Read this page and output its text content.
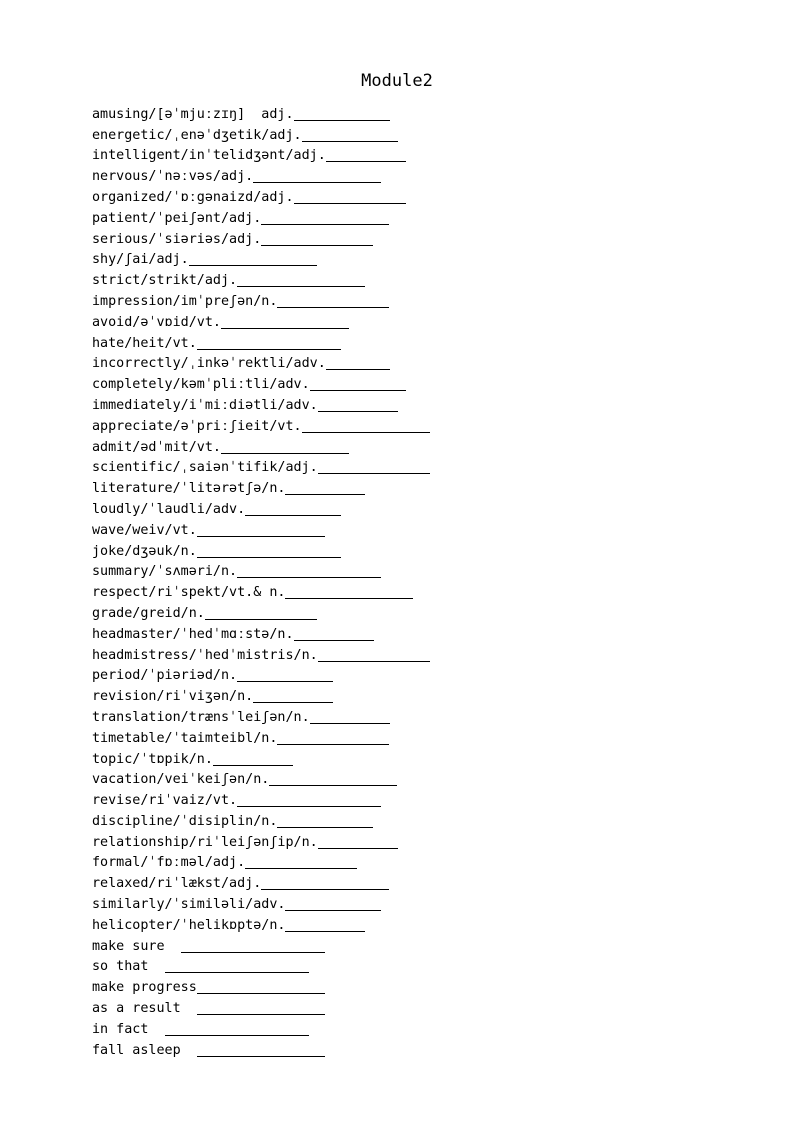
Module2
amusing/[əˈmjuːzɪŋ]  adj.
energetic/ˌenəˈdʒetik/adj.
intelligent/inˈtelidʒənt/adj.
nervous/ˈnəːvəs/adj.
organized/ˈɒːgənaizd/adj.
patient/ˈpeiʃənt/adj.
serious/ˈsiəriəs/adj.
shy/ʃai/adj.
strict/strikt/adj.
impression/imˈpreʃən/n.
avoid/əˈvɒid/vt.
hate/heit/vt.
incorrectly/ˌinkəˈrektli/adv.
completely/kəmˈpliːtli/adv.
immediately/iˈmiːdiətli/adv.
appreciate/əˈpriːʃieit/vt.
admit/ədˈmit/vt.
scientific/ˌsaiənˈtifik/adj.
literature/ˈlitərətʃə/n.
loudly/ˈlaudli/adv.
wave/weiv/vt.
joke/dʒəuk/n.
summary/ˈsʌməri/n.
respect/riˈspekt/vt.& n.
grade/greid/n.
headmaster/ˈhedˈmɑːstə/n.
headmistress/ˈhedˈmistris/n.
period/ˈpiəriəd/n.
revision/riˈviʒən/n.
translation/trænsˈleiʃən/n.
timetable/ˈtaimteibl/n.
topic/ˈtɒpik/n.
vacation/veiˈkeiʃən/n.
revise/riˈvaiz/vt.
discipline/ˈdisiplin/n.
relationship/riˈleiʃənʃip/n.
formal/ˈfɒːməl/adj.
relaxed/riˈlækst/adj.
similarly/ˈsimiləli/adv.
helicopter/ˈhelikɒptə/n.
make sure
so that
make progress
as a result
in fact
fall asleep
